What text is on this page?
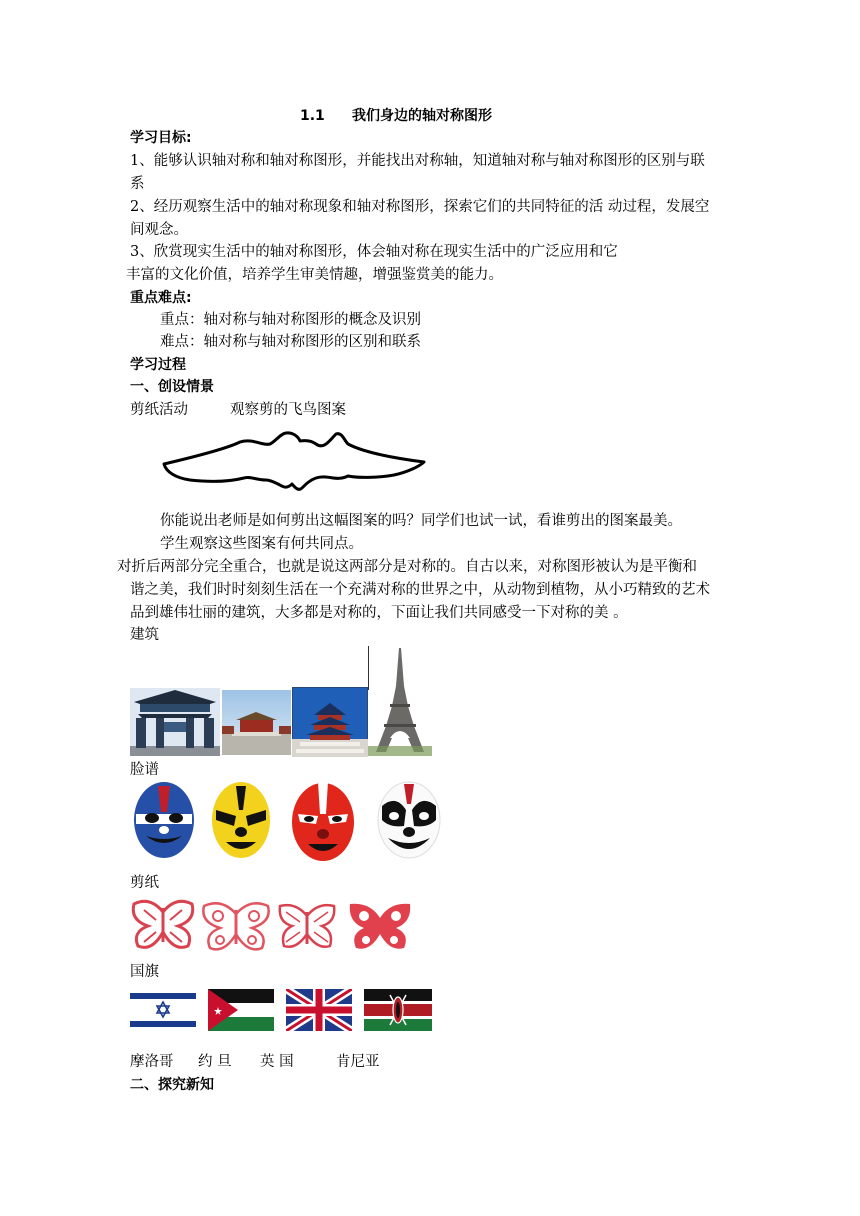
1.1 我们身边的轴对称图形
学习目标:
1、能够认识轴对称和轴对称图形，并能找出对称轴，知道轴对称与轴对称图形的区别与联
系
2、经历观察生活中的轴对称现象和轴对称图形，探索它们的共同特征的活 动过程，发展空
间观念。
3、欣赏现实生活中的轴对称图形，体会轴对称在现实生活中的广泛应用和它
丰富的文化价值，培养学生审美情趣，增强鉴赏美的能力。
重点难点:
重点：轴对称与轴对称图形的概念及识别
难点：轴对称与轴对称图形的区别和联系
学习过程
一、创设情景
剪纸活动	观察剪的飞鸟图案
你能说出老师是如何剪出这幅图案的吗？同学们也试一试，看谁剪出的图案最美。
学生观察这些图案有何共同点。
对折后两部分完全重合，也就是说这两部分是对称的。自古以来，对称图形被认为是平衡和
谐之美，我们时时刻刻生活在一个充满对称的世界之中，从动物到植物，从小巧精致的艺术
品到雄伟壮丽的建筑，大多都是对称的，下面让我们共同感受一下对称的美 。
建筑
脸谱
剪纸
国旗
摩洛哥 约 旦 英 国	肯尼亚
二、探究新知
